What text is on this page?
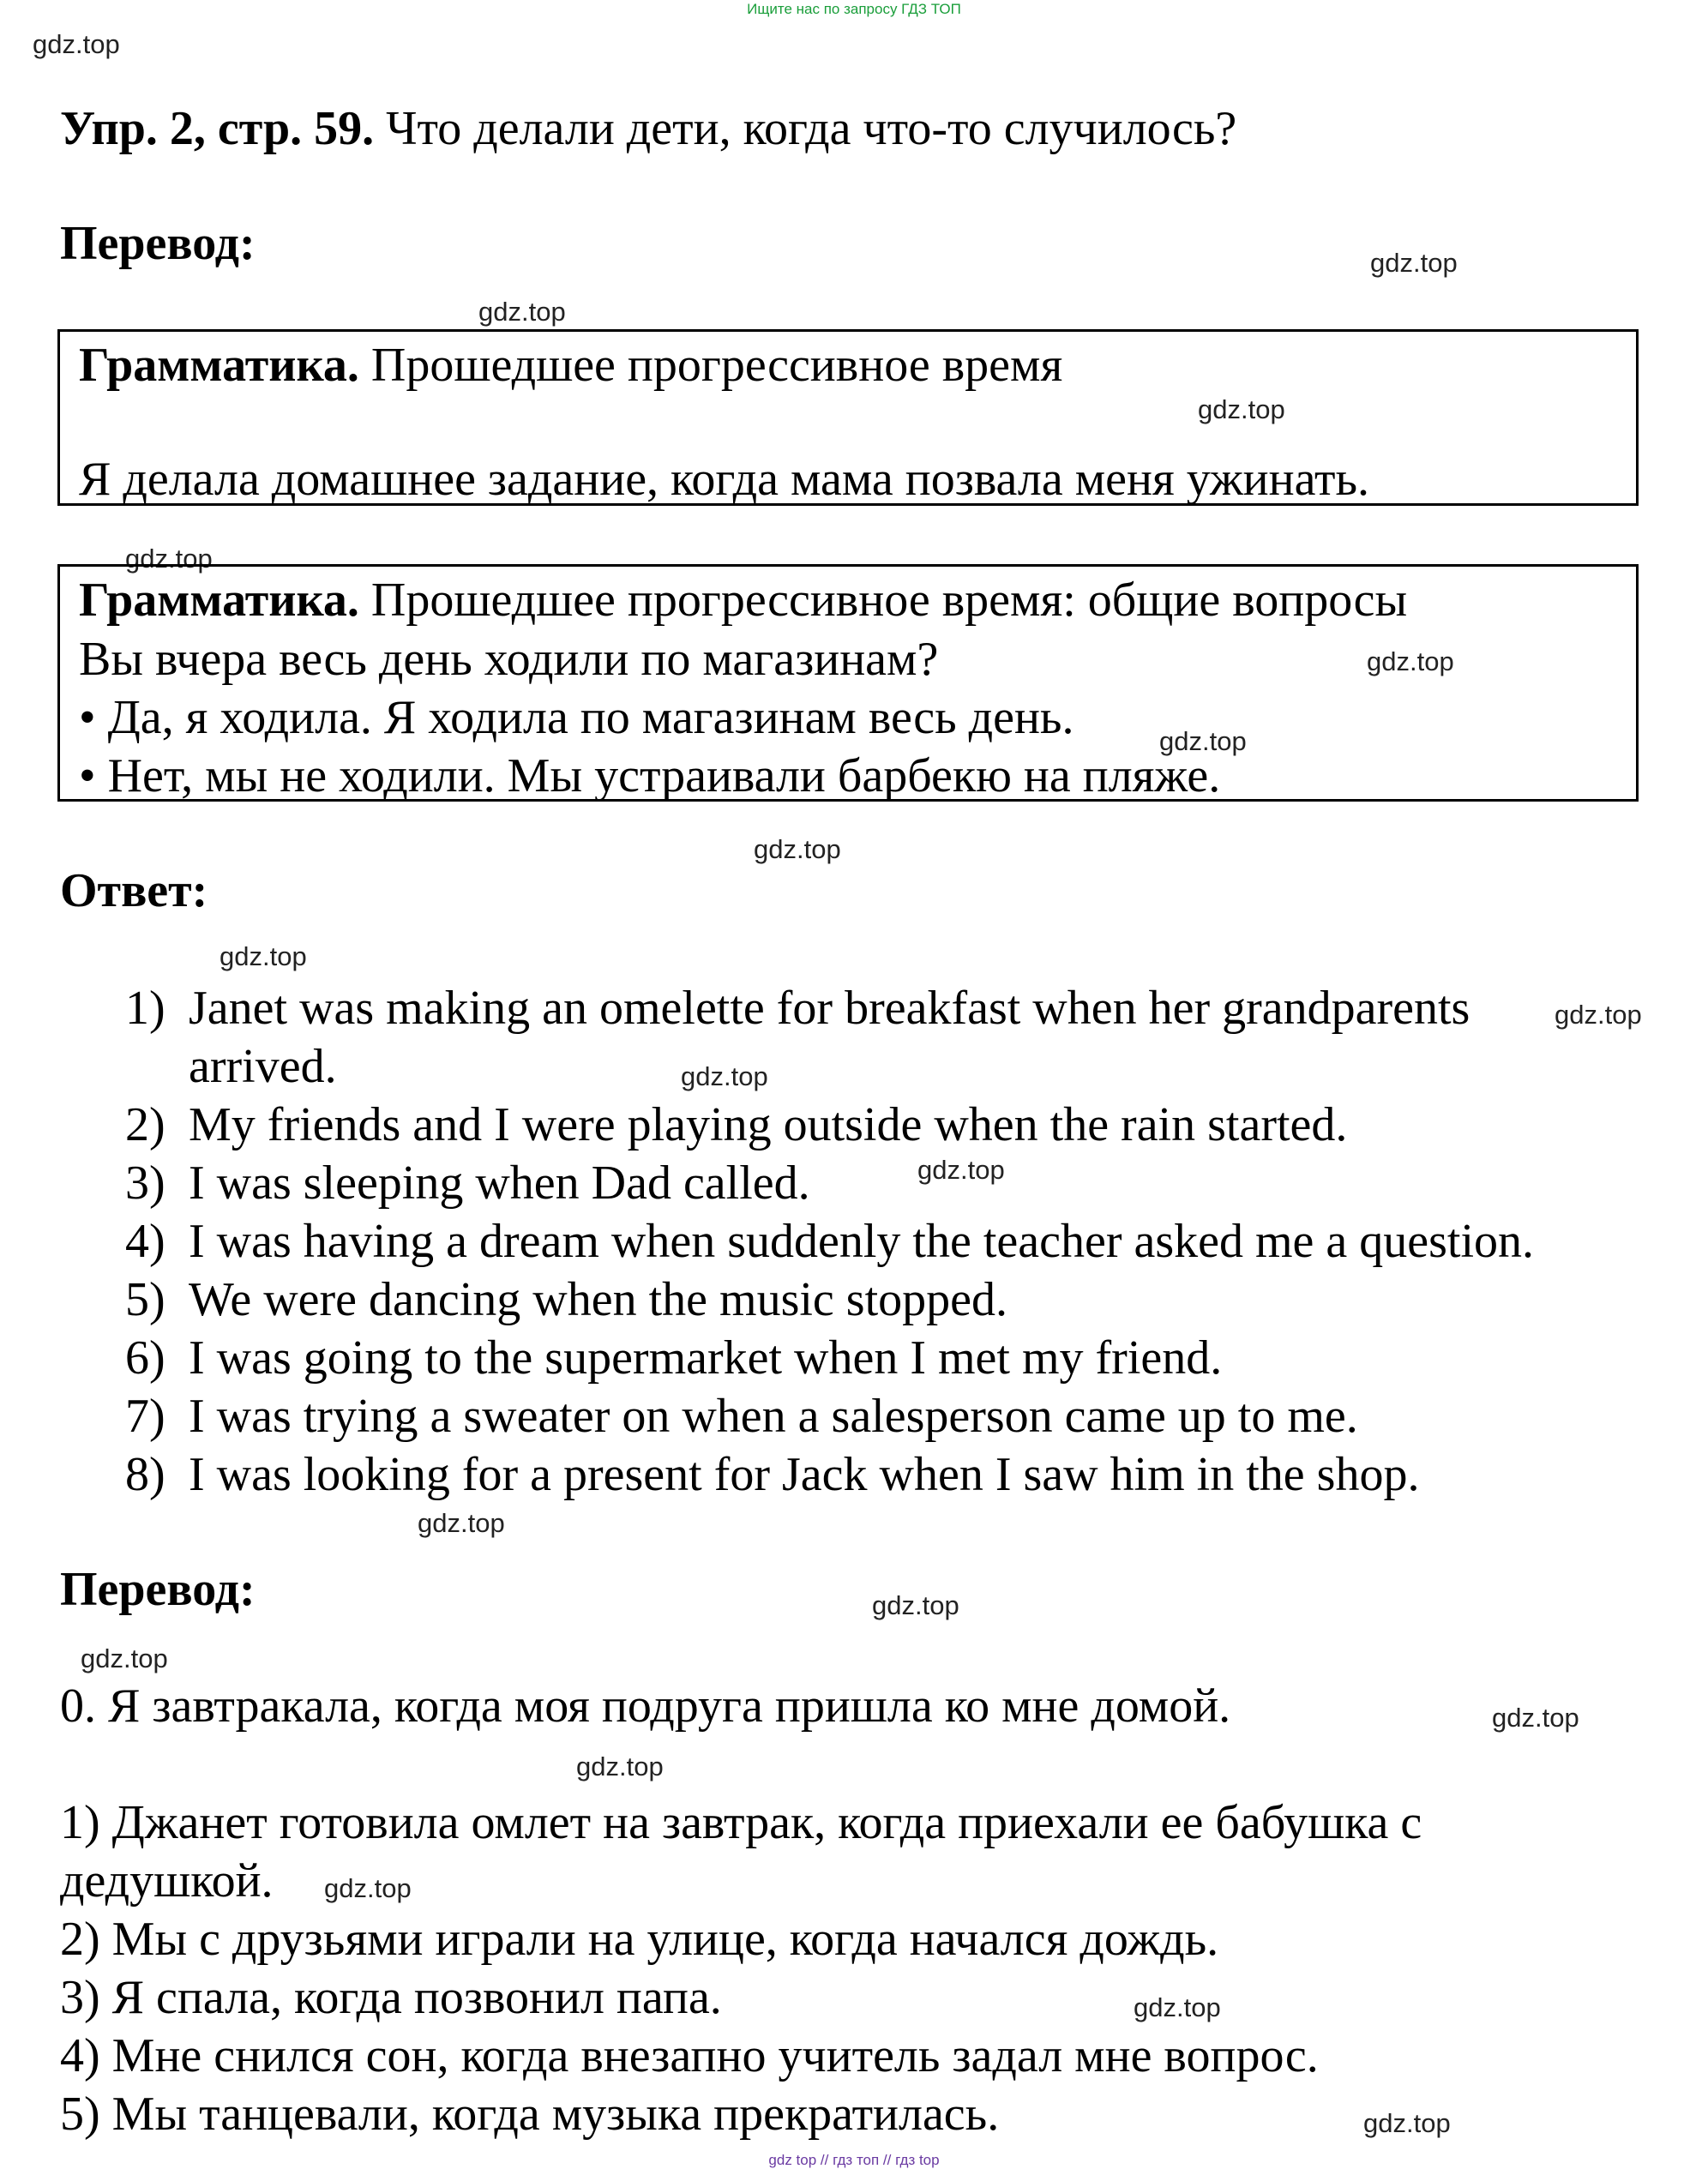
Ищите нас по запросу ГДЗ ТОП
gdz.top
gdz.top
gdz.top
gdz.top
gdz.top
gdz.top
gdz.top
gdz.top
gdz.top
gdz.top
gdz.top
gdz.top
gdz.top
gdz.top
gdz.top
gdz.top
gdz.top
gdz.top
gdz.top
gdz.top
Упр. 2, стр. 59. Что делали дети, когда что-то случилось?
Перевод:
Грамматика. Прошедшее прогрессивное время
Я делала домашнее задание, когда мама позвала меня ужинать.
Грамматика. Прошедшее прогрессивное время: общие вопросы
Вы вчера весь день ходили по магазинам?
• Да, я ходила. Я ходила по магазинам весь день.
• Нет, мы не ходили. Мы устраивали барбекю на пляже.
Ответ:
1) Janet was making an omelette for breakfast when her grandparents
arrived.
2) My friends and I were playing outside when the rain started.
3) I was sleeping when Dad called.
4) I was having a dream when suddenly the teacher asked me a question.
5) We were dancing when the music stopped.
6) I was going to the supermarket when I met my friend.
7) I was trying a sweater on when a salesperson came up to me.
8) I was looking for a present for Jack when I saw him in the shop.
Перевод:
0. Я завтракала, когда моя подруга пришла ко мне домой.
1) Джанет готовила омлет на завтрак, когда приехали ее бабушка с
дедушкой.
2) Мы с друзьями играли на улице, когда начался дождь.
3) Я спала, когда позвонил папа.
4) Мне снился сон, когда внезапно учитель задал мне вопрос.
5) Мы танцевали, когда музыка прекратилась.
gdz top // гдз топ // гдз top
